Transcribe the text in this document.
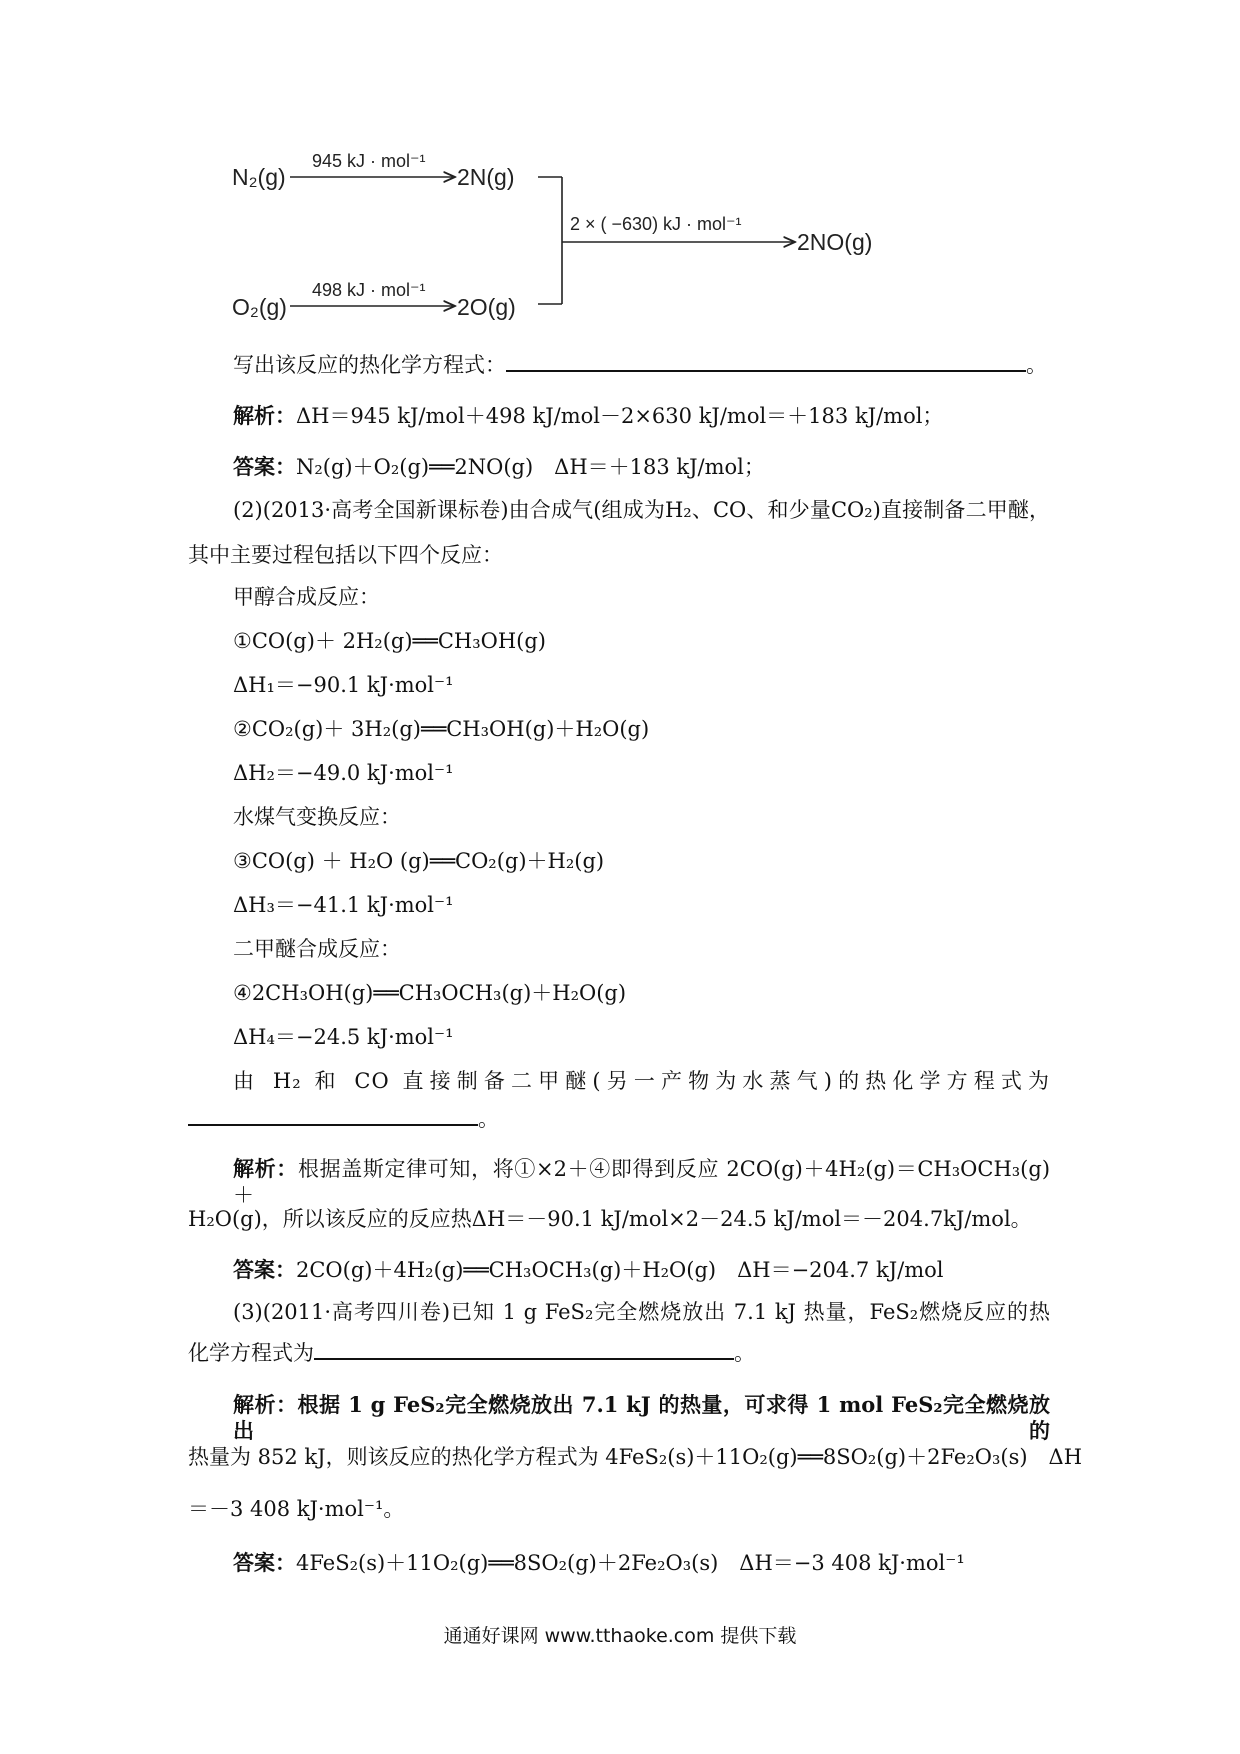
N₂(g)
945 kJ · mol⁻¹
2N(g)
O₂(g)
498 kJ · mol⁻¹
2O(g)
2 × ( −630) kJ · mol⁻¹
2NO(g)
写出该反应的热化学方程式：	。
解析：ΔH＝945 kJ/mol＋498 kJ/mol－2×630 kJ/mol＝＋183 kJ/mol；
答案：N₂(g)＋O₂(g)══2NO(g)　ΔH＝＋183 kJ/mol；
(2)(2013·高考全国新课标卷)由合成气(组成为H₂、CO、和少量CO₂)直接制备二甲醚，
其中主要过程包括以下四个反应：
甲醇合成反应：
①CO(g)＋ 2H₂(g)══CH₃OH(g)
ΔH₁＝−90.1 kJ·mol⁻¹
②CO₂(g)＋ 3H₂(g)══CH₃OH(g)＋H₂O(g)
ΔH₂＝−49.0 kJ·mol⁻¹
水煤气变换反应：
③CO(g) ＋ H₂O (g)══CO₂(g)＋H₂(g)
ΔH₃＝−41.1 kJ·mol⁻¹
二甲醚合成反应：
④2CH₃OH(g)══CH₃OCH₃(g)＋H₂O(g)
ΔH₄＝−24.5 kJ·mol⁻¹
由 H₂ 和 CO 直接制备二甲醚(另一产物为水蒸气)的热化学方程式为
。
解析：根据盖斯定律可知，将①×2＋④即得到反应 2CO(g)＋4H₂(g)＝CH₃OCH₃(g)＋
H₂O(g)，所以该反应的反应热ΔH＝－90.1 kJ/mol×2－24.5 kJ/mol＝－204.7kJ/mol。
答案：2CO(g)＋4H₂(g)══CH₃OCH₃(g)＋H₂O(g)　ΔH＝−204.7 kJ/mol
(3)(2011·高考四川卷)已知 1 g FeS₂完全燃烧放出 7.1 kJ 热量，FeS₂燃烧反应的热
化学方程式为	。
解析：根据 1 g FeS₂完全燃烧放出 7.1 kJ 的热量，可求得 1 mol FeS₂完全燃烧放出的
热量为 852 kJ，则该反应的热化学方程式为 4FeS₂(s)＋11O₂(g)══8SO₂(g)＋2Fe₂O₃(s)　ΔH
＝－3 408 kJ·mol⁻¹。
答案：4FeS₂(s)＋11O₂(g)══8SO₂(g)＋2Fe₂O₃(s)　ΔH＝−3 408 kJ·mol⁻¹
通通好课网 www.tthaoke.com 提供下载
